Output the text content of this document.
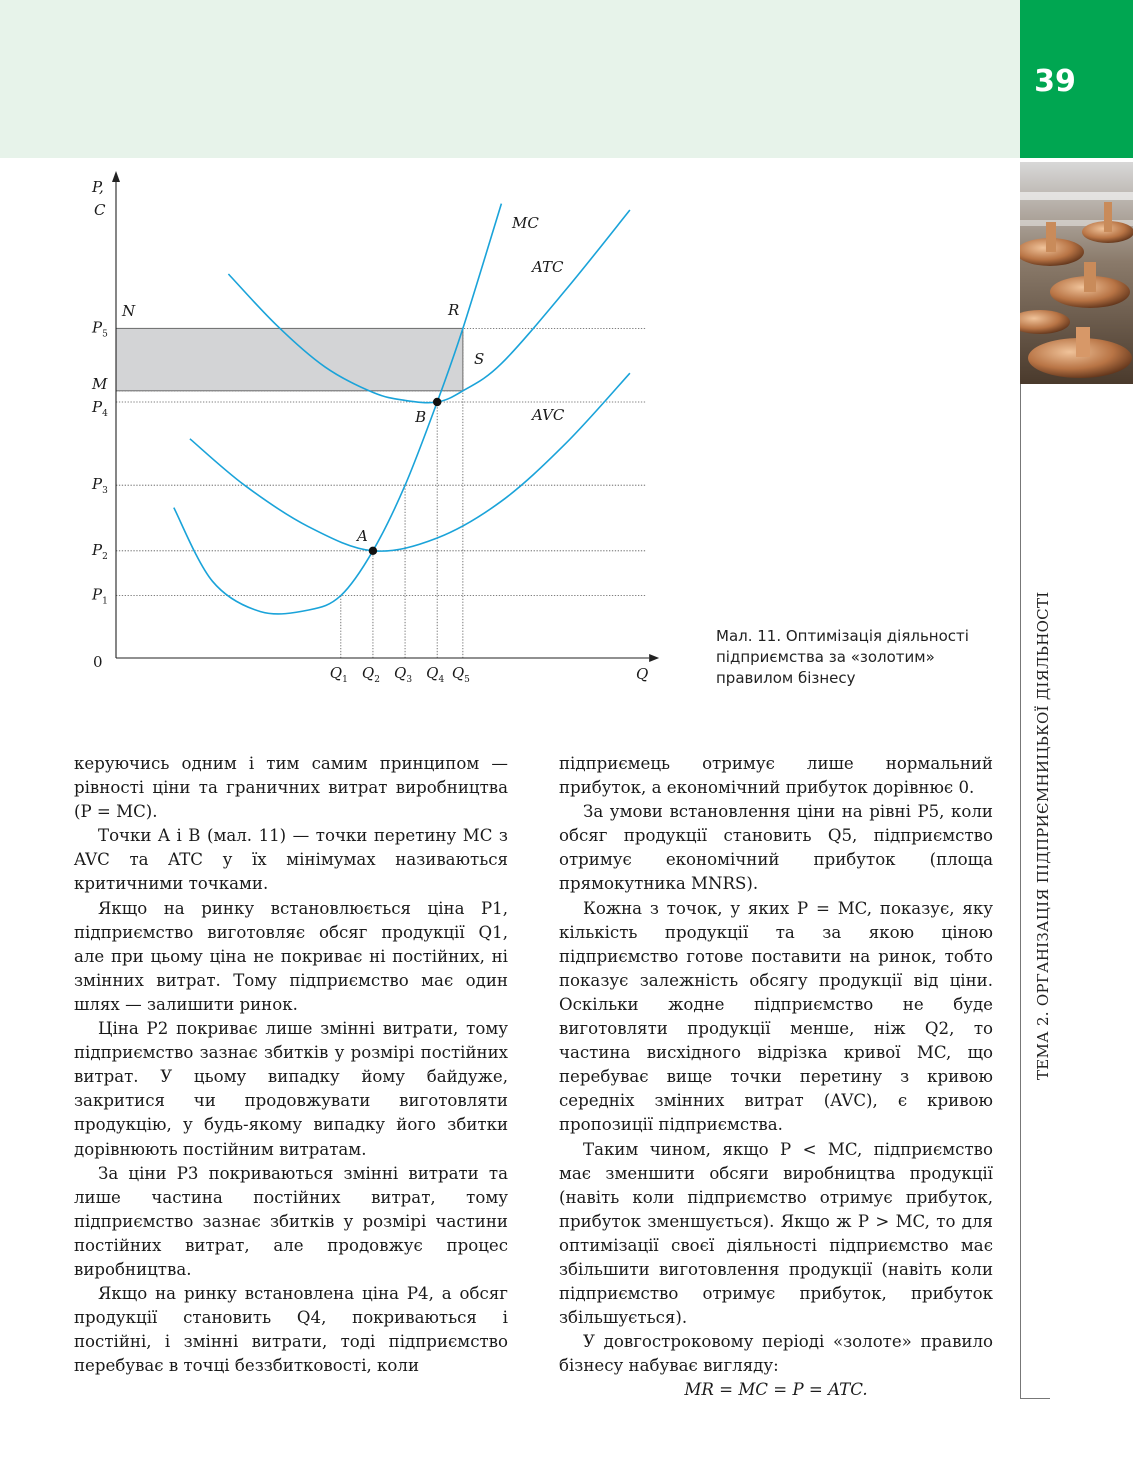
39
ТЕМА 2. ОРГАНІЗАЦІЯ ПІДПРИЄМНИЦЬКОЇ ДІЯЛЬНОСТІ
P,
C
Q
0
$P_1$
$P_2$
$P_3$
$P_4$
M
$P_5$
$Q_1$ $Q_2$ $Q_3$ $Q_4$ $Q_5$
MC
ATC
AVC
A
B
N	R
S
Мал. 11. Оптимізація діяльності підприємства за «золотим» правилом бізнесу

керуючись одним і тим самим принципом — рівності ціни та граничних витрат виробництва (P = MC).

Точки A і B (мал. 11) — точки перетину MC з AVC та ATC у їх мінімумах називаються критичними точками.

Якщо на ринку встановлюється ціна P1, підприємство виготовляє обсяг продукції Q1, але при цьому ціна не покриває ні постійних, ні змінних витрат. Тому підприємство має один шлях — залишити ринок.

Ціна P2 покриває лише змінні витрати, тому підприємство зазнає збитків у розмірі постійних витрат. У цьому випадку йому байдуже, закритися чи продовжувати виготовляти продукцію, у будь-якому випадку його збитки дорівнюють постійним витратам.

За ціни P3 покриваються змінні витрати та лише частина постійних витрат, тому підприємство зазнає збитків у розмірі частини постійних витрат, але продовжує процес виробництва.

Якщо на ринку встановлена ціна P4, а обсяг продукції становить Q4, покриваються і постійні, і змінні витрати, тоді підприємство перебуває в точці беззбитковості, коли

підприємець отримує лише нормальний прибуток, а економічний прибуток дорівнює 0.

За умови встановлення ціни на рівні P5, коли обсяг продукції становить Q5, підприємство отримує економічний прибуток (площа прямокутника MNRS).

Кожна з точок, у яких P = MC, показує, яку кількість продукції та за якою ціною підприємство готове поставити на ринок, тобто показує залежність обсягу продукції від ціни. Оскільки жодне підприємство не буде виготовляти продукції менше, ніж Q2, то частина висхідного відрізка кривої MC, що перебуває вище точки перетину з кривою середніх змінних витрат (AVC), є кривою пропозиції підприємства.

Таким чином, якщо P < MC, підприємство має зменшити обсяги виробництва продукції (навіть коли підприємство отримує прибуток, прибуток зменшується). Якщо ж P > MC, то для оптимізації своєї діяльності підприємство має збільшити виготовлення продукції (навіть коли підприємство отримує прибуток, прибуток збільшується).

У довгостроковому періоді «золоте» правило бізнесу набуває вигляду:

MR = MC = P = ATC.
